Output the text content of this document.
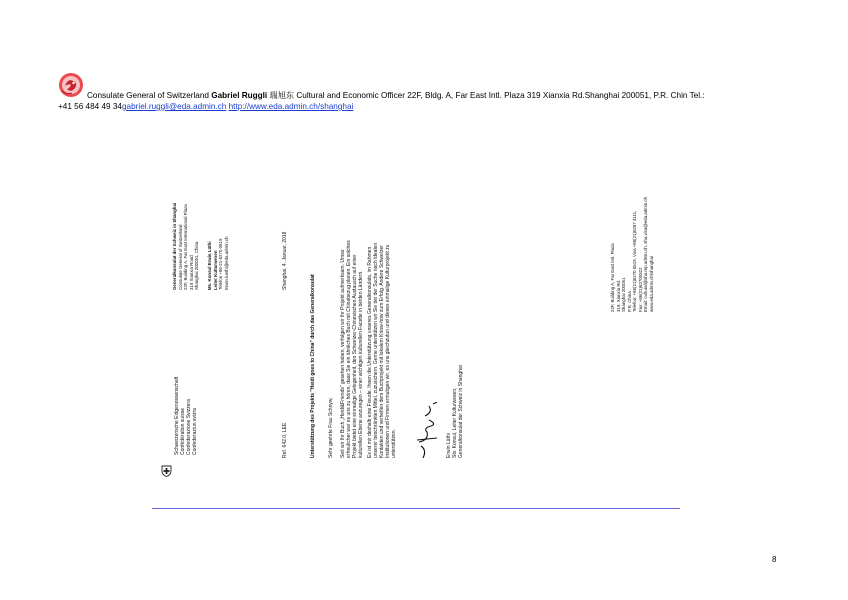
Consulate General of Switzerland Gabriel Ruggli 瑞旭东 Cultural and Economic Officer 22F, Bldg. A, Far East Intl. Plaza 319 Xianxia Rd.Shanghai 200051, P.R. Chin Tel.:
+41 56 484 49 34gabriel.ruggli@eda.admin.ch http://www.eda.admin.ch/shanghai
Schweizerische Eidgenossenschaft Confédération suisse Confederazione Svizzera Confederaziun svizra
Generalkonsulat der Schweiz in Shanghai Consulate General of Switzerland 22F, Building A, Far East International Plaza 319 Xianxia Road Shanghai 200051, China Ms. Konsul Erwin Lüthi Leiter Kulturwesen Telefon +86-21-6270 0519 Erwin.luethi@eda.admin.ch
Ref. 642.0, LEE
Shanghai, 4. Januar, 2018
Unterstützung des Projekts "Heidi goes to China" durch das Generalkonsulat Sehr geehrte Frau Schnyw, Seit wir Ihr Buch „Heidi&Friends“ gesehen haben, verfolgen wir Ihr Projekt aufmerksam. Umso erfreulicher war es uns zu hören, dass Sie ein ähnliches Buch mit Chinabezug planen. Ein solches Projekt bietet eine einmalige Gelegenheit, den Schweizer-Chinesischen Austausch auf einer kulturellen Ebene anzuregen – einer wichtigen kulturellen Facette in beiden Ländern. Es ist mir deshalb eine Freude, Ihnen die Unterstützung unseres Generalkonsulats, im Rahmen unserer beschränkten Mittel, zuzusichern. Gerne unterstützen wir Sie bei der Suche nach idealen Kontakten und verhelfen dem Buchprojekt mit lokalem Know-how zum Erfolg. Andere Schweizer Institutionen und Firmen ermutigen wir, es uns gleichzutun und dieses einmalige Kulturprojekt zu unterstützen.	Erwin Lüthi Stv. Konsul, Leiter Kulturwesen, Generalkonsulat der Schweiz in Shanghai
22F, Building A, Far East Intl. Plaza 319, Xianxia Rd. Shanghai 200051 P.R. China Telefon: +86(21)6270 0519, Visa +86(21)6257 4111, Fax: +86(21)62700522 Email: cultural@sha.rep.admin.ch, sha.visa@eda.admin.ch www.eda.admin.ch/shanghai
8
